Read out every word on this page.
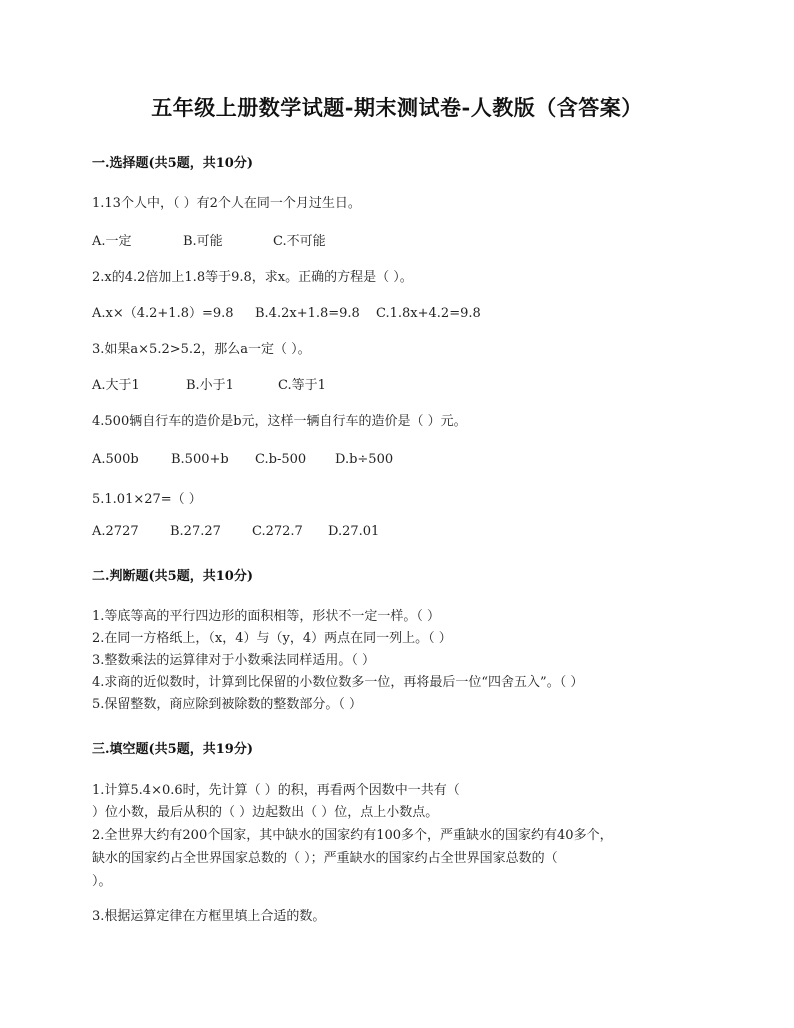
五年级上册数学试题-期末测试卷-人教版（含答案）
一.选择题(共5题，共10分)
1.13个人中，（ ）有2个人在同一个月过生日。
A.一定	B.可能	C.不可能
2.x的4.2倍加上1.8等于9.8，求x。正确的方程是（ ）。
A.x×（4.2+1.8）=9.8 B.4.2x+1.8=9.8 C.1.8x+4.2=9.8
3.如果a×5.2>5.2，那么a一定（ ）。
A.大于1	B.小于1	C.等于1
4.500辆自行车的造价是b元，这样一辆自行车的造价是（ ）元。
A.500b B.500+b C.b-500 D.b÷500
5.1.01×27=（ ）
A.2727 B.27.27 C.272.7 D.27.01
二.判断题(共5题，共10分)
1.等底等高的平行四边形的面积相等，形状不一定一样。（ ）
2.在同一方格纸上，（x，4）与（y，4）两点在同一列上。（ ）
3.整数乘法的运算律对于小数乘法同样适用。（ ）
4.求商的近似数时，计算到比保留的小数位数多一位，再将最后一位“四舍五入”。（ ）
5.保留整数，商应除到被除数的整数部分。（ ）
三.填空题(共5题，共19分)
1.计算5.4×0.6时，先计算（ ）的积，再看两个因数中一共有（
）位小数，最后从积的（ ）边起数出（ ）位，点上小数点。
2.全世界大约有200个国家，其中缺水的国家约有100多个，严重缺水的国家约有40多个，
缺水的国家约占全世界国家总数的（ ）；严重缺水的国家约占全世界国家总数的（
）。
3.根据运算定律在方框里填上合适的数。
